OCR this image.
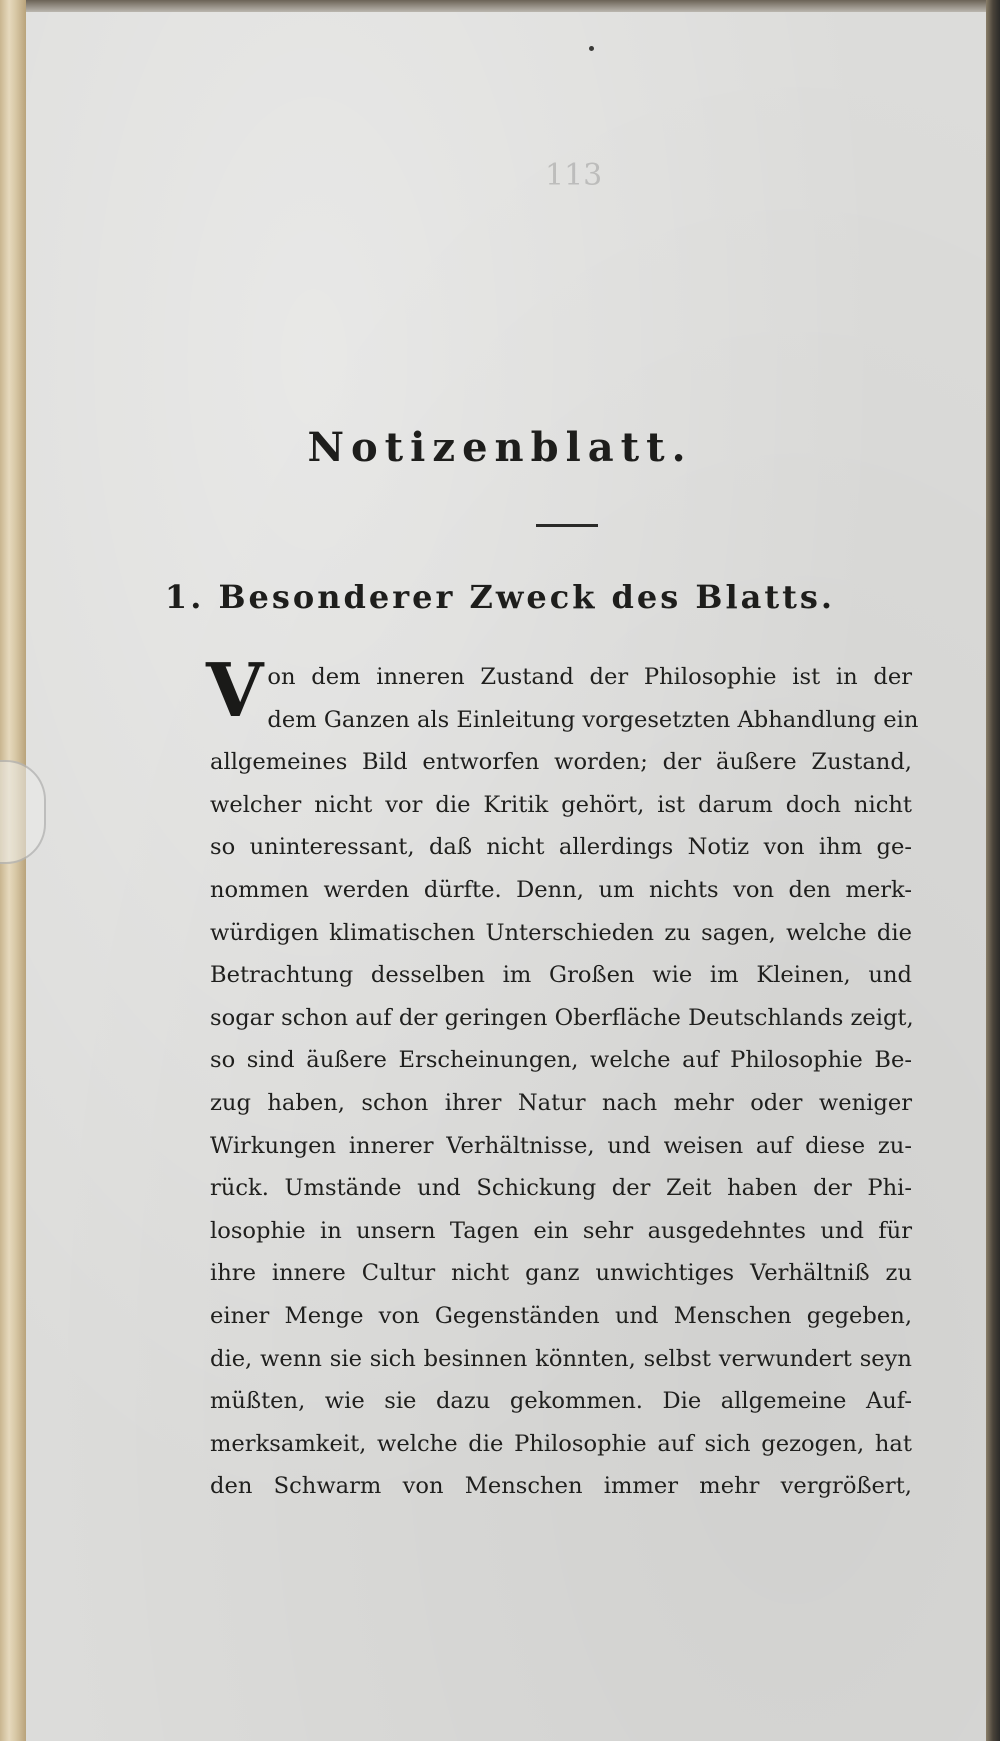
113

Notizenblatt.
1. Besonderer Zweck des Blatts.
V on dem inneren Zustand der Philosophie ist in der
dem Ganzen als Einleitung vorgesetzten Abhandlung ein
allgemeines Bild entworfen worden; der äußere Zustand,
welcher nicht vor die Kritik gehört, ist darum doch nicht
so uninteressant, daß nicht allerdings Notiz von ihm ge-
nommen werden dürfte. Denn, um nichts von den merk-
würdigen klimatischen Unterschieden zu sagen, welche die
Betrachtung desselben im Großen wie im Kleinen, und
sogar schon auf der geringen Oberfläche Deutschlands zeigt,
so sind äußere Erscheinungen, welche auf Philosophie Be-
zug haben, schon ihrer Natur nach mehr oder weniger
Wirkungen innerer Verhältnisse, und weisen auf diese zu-
rück. Umstände und Schickung der Zeit haben der Phi-
losophie in unsern Tagen ein sehr ausgedehntes und für
ihre innere Cultur nicht ganz unwichtiges Verhältniß zu
einer Menge von Gegenständen und Menschen gegeben,
die, wenn sie sich besinnen könnten, selbst verwundert seyn
müßten, wie sie dazu gekommen. Die allgemeine Auf-
merksamkeit, welche die Philosophie auf sich gezogen, hat
den Schwarm von Menschen immer mehr vergrößert,
